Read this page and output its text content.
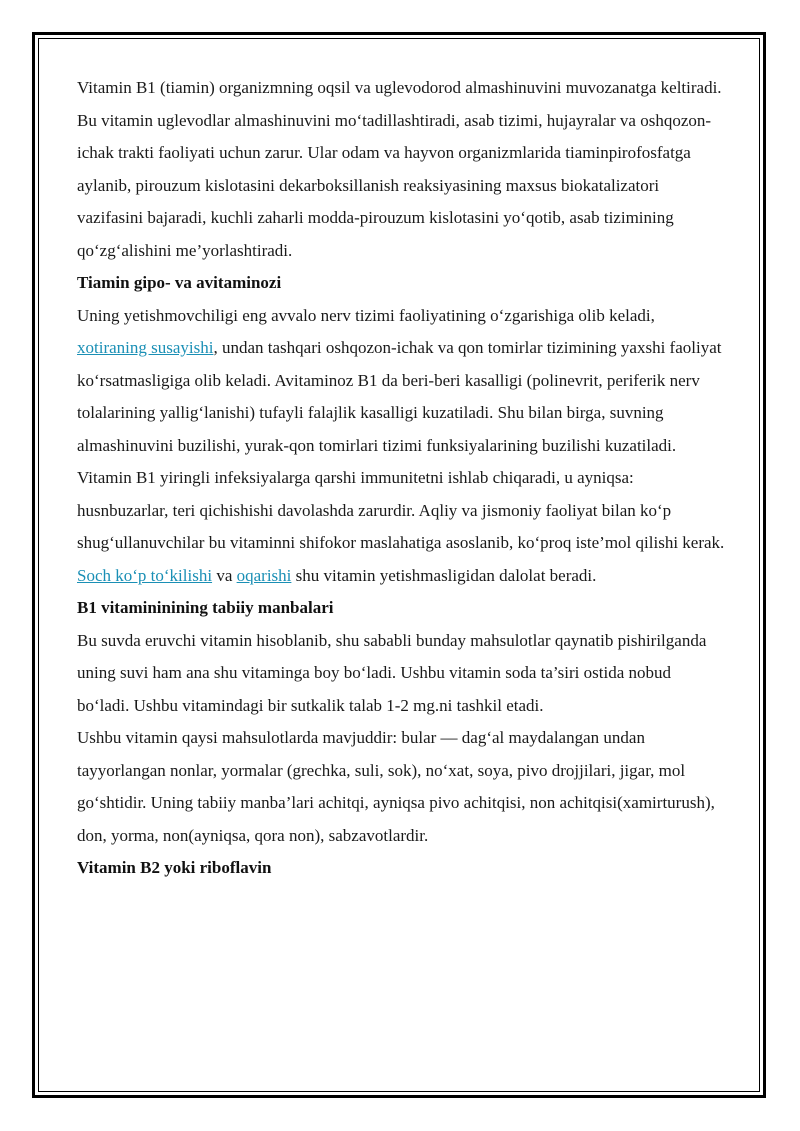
Vitamin B1 (tiamin) organizmning oqsil va uglevodorod almashinuvini muvozanatga keltiradi. Bu vitamin uglevodlar almashinuvini mo‘tadillashtiradi, asab tizimi, hujayralar va oshqozon-ichak trakti faoliyati uchun zarur. Ular odam va hayvon organizmlarida tiaminpirofosfatga aylanib, pirouzum kislotasini dekarboksillanish reaksiyasining maxsus biokatalizatori vazifasini bajaradi, kuchli zaharli modda-pirouzum kislotasini yo‘qotib, asab tizimining qo‘zg‘alishini me’yorlashtiradi.

Tiamin gipo- va avitaminozi

Uning yetishmovchiligi eng avvalo nerv tizimi faoliyatining o‘zgarishiga olib keladi, xotiraning susayishi, undan tashqari oshqozon-ichak va qon tomirlar tizimining yaxshi faoliyat ko‘rsatmasligiga olib keladi. Avitaminoz B1 da beri-beri kasalligi (polinevrit, periferik nerv tolalarining yallig‘lanishi) tufayli falajlik kasalligi kuzatiladi. Shu bilan birga, suvning almashinuvini buzilishi, yurak-qon tomirlari tizimi funksiyalarining buzilishi kuzatiladi. Vitamin B1 yiringli infeksiyalarga qarshi immunitetni ishlab chiqaradi, u ayniqsa: husnbuzarlar, teri qichishishi davolashda zarurdir. Aqliy va jismoniy faoliyat bilan ko‘p shug‘ullanuvchilar bu vitaminni shifokor maslahatiga asoslanib, ko‘proq iste’mol qilishi kerak. Soch ko‘p to‘kilishi va oqarishi shu vitamin yetishmasligidan dalolat beradi.

B1 vitamininining tabiiy manbalari

Bu suvda eruvchi vitamin hisoblanib, shu sababli bunday mahsulotlar qaynatib pishirilganda uning suvi ham ana shu vitaminga boy bo‘ladi. Ushbu vitamin soda ta’siri ostida nobud bo‘ladi. Ushbu vitamindagi bir sutkalik talab 1-2 mg.ni tashkil etadi.

Ushbu vitamin qaysi mahsulotlarda mavjuddir: bular — dag‘al maydalangan undan tayyorlangan nonlar, yormalar (grechka, suli, sok), no‘xat, soya, pivo drojjilari, jigar, mol go‘shtidir. Uning tabiiy manba’lari achitqi, ayniqsa pivo achitqisi, non achitqisi(xamirturush), don, yorma, non(ayniqsa, qora non), sabzavotlardir.

Vitamin B2 yoki riboflavin
